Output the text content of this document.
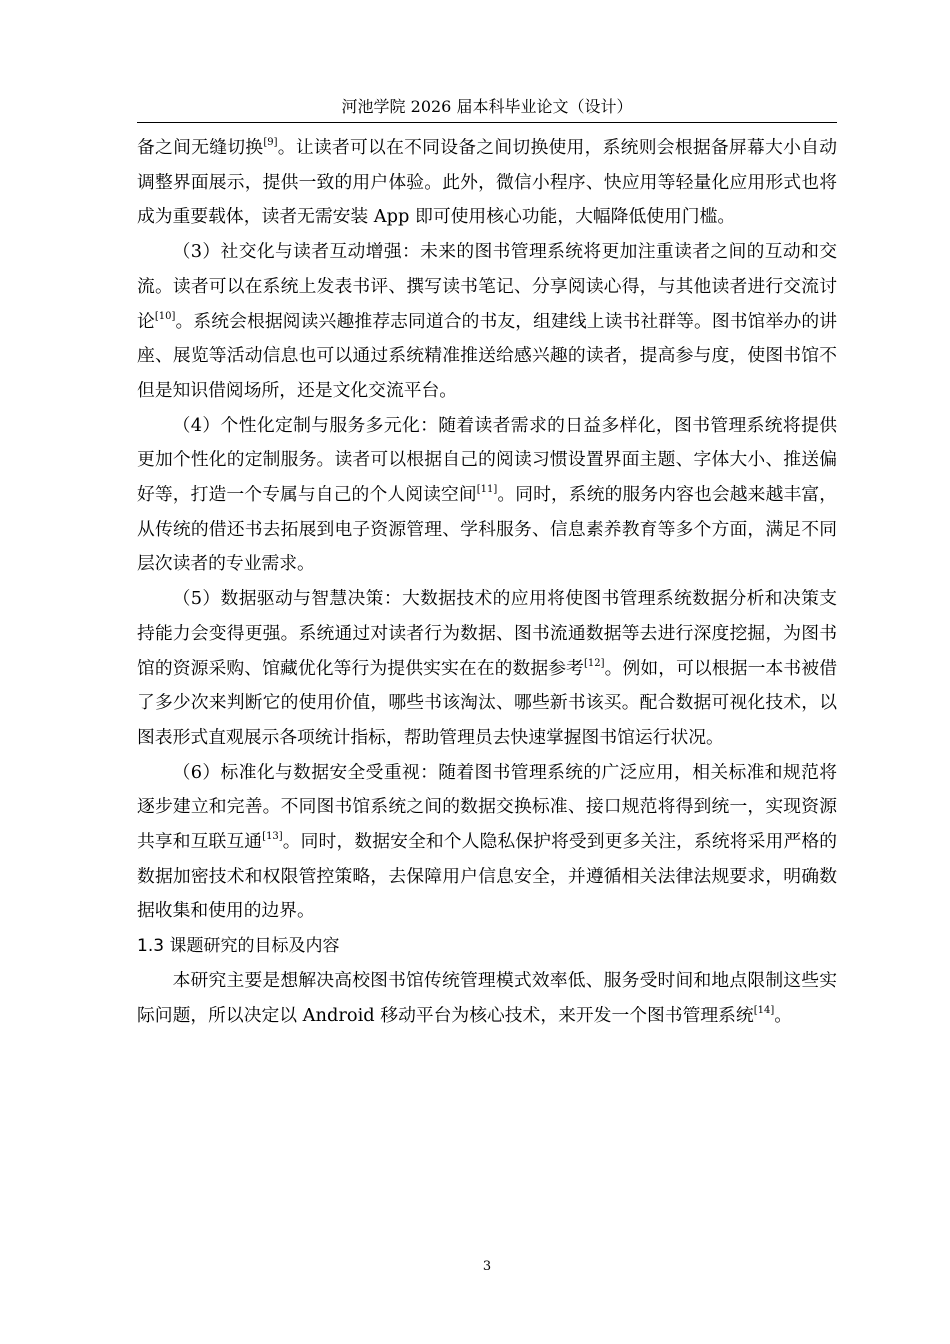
河池学院 2026 届本科毕业论文（设计）

备之间无缝切换[9]。让读者可以在不同设备之间切换使用，系统则会根据备屏幕大小自动调整界面展示，提供一致的用户体验。此外，微信小程序、快应用等轻量化应用形式也将成为重要载体，读者无需安装 App 即可使用核心功能，大幅降低使用门槛。

（3）社交化与读者互动增强：未来的图书管理系统将更加注重读者之间的互动和交流。读者可以在系统上发表书评、撰写读书笔记、分享阅读心得，与其他读者进行交流讨论[10]。系统会根据阅读兴趣推荐志同道合的书友，组建线上读书社群等。图书馆举办的讲座、展览等活动信息也可以通过系统精准推送给感兴趣的读者，提高参与度，使图书馆不但是知识借阅场所，还是文化交流平台。

（4）个性化定制与服务多元化：随着读者需求的日益多样化，图书管理系统将提供更加个性化的定制服务。读者可以根据自己的阅读习惯设置界面主题、字体大小、推送偏好等，打造一个专属与自己的个人阅读空间[11]。同时，系统的服务内容也会越来越丰富，从传统的借还书去拓展到电子资源管理、学科服务、信息素养教育等多个方面，满足不同层次读者的专业需求。

（5）数据驱动与智慧决策：大数据技术的应用将使图书管理系统数据分析和决策支持能力会变得更强。系统通过对读者行为数据、图书流通数据等去进行深度挖掘，为图书馆的资源采购、馆藏优化等行为提供实实在在的数据参考[12]。例如，可以根据一本书被借了多少次来判断它的使用价值，哪些书该淘汰、哪些新书该买。配合数据可视化技术，以图表形式直观展示各项统计指标，帮助管理员去快速掌握图书馆运行状况。

（6）标准化与数据安全受重视：随着图书管理系统的广泛应用，相关标准和规范将逐步建立和完善。不同图书馆系统之间的数据交换标准、接口规范将得到统一，实现资源共享和互联互通[13]。同时，数据安全和个人隐私保护将受到更多关注，系统将采用严格的数据加密技术和权限管控策略，去保障用户信息安全，并遵循相关法律法规要求，明确数据收集和使用的边界。

1.3 课题研究的目标及内容

本研究主要是想解决高校图书馆传统管理模式效率低、服务受时间和地点限制这些实际问题，所以决定以 Android 移动平台为核心技术，来开发一个图书管理系统[14]。

3
